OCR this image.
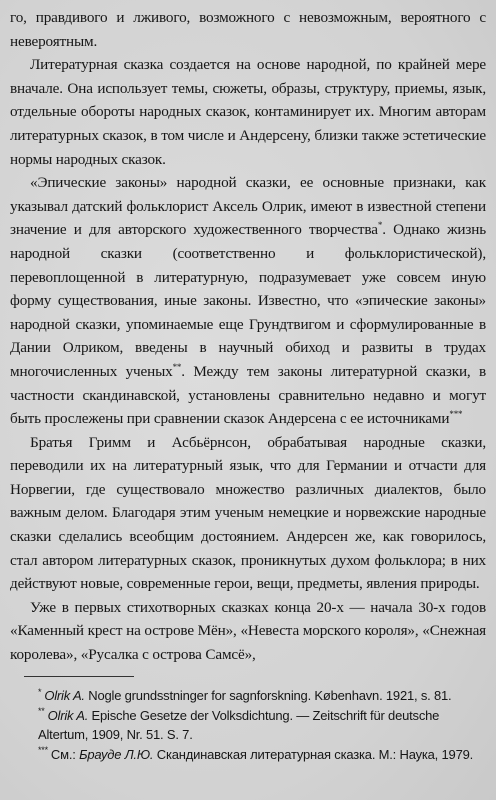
го, правдивого и лживого, возможного с невозможным, вероятного с невероятным.

Литературная сказка создается на основе народной, по крайней мере вначале. Она использует темы, сюжеты, образы, структуру, приемы, язык, отдельные обороты народных сказок, контаминирует их. Многим авторам литературных сказок, в том числе и Андерсену, близки также эстетические нормы народных сказок.

«Эпические законы» народной сказки, ее основные признаки, как указывал датский фольклорист Аксель Олрик, имеют в известной степени значение и для авторского художественного творчества*. Однако жизнь народной сказки (соответственно и фольклористической), перевоплощенной в литературную, подразумевает уже совсем иную форму существования, иные законы. Известно, что «эпические законы» народной сказки, упоминаемые еще Грундтвигом и сформулированные в Дании Олриком, введены в научный обиход и развиты в трудах многочисленных ученых**. Между тем законы литературной сказки, в частности скандинавской, установлены сравнительно недавно и могут быть прослежены при сравнении сказок Андерсена с ее источниками***

Братья Гримм и Асбьёрнсон, обрабатывая народные сказки, переводили их на литературный язык, что для Германии и отчасти для Норвегии, где существовало множество различных диалектов, было важным делом. Благодаря этим ученым немецкие и норвежские народные сказки сделались всеобщим достоянием. Андерсен же, как говорилось, стал автором литературных сказок, проникнутых духом фольклора; в них действуют новые, современные герои, вещи, предметы, явления природы.

Уже в первых стихотворных сказках конца 20-х — начала 30-х годов «Каменный крест на острове Мён», «Невеста морского короля», «Снежная королева», «Русалка с острова Самсё»,

* Olrik A. Nogle grundsstninger for sagnforskning. København. 1921, s. 81.

** Olrik A. Epische Gesetze der Volksdichtung. — Zeitschrift für deutsche Altertum, 1909, Nr. 51. S. 7.

*** См.: Брауде Л.Ю. Скандинавская литературная сказка. М.: Наука, 1979.
